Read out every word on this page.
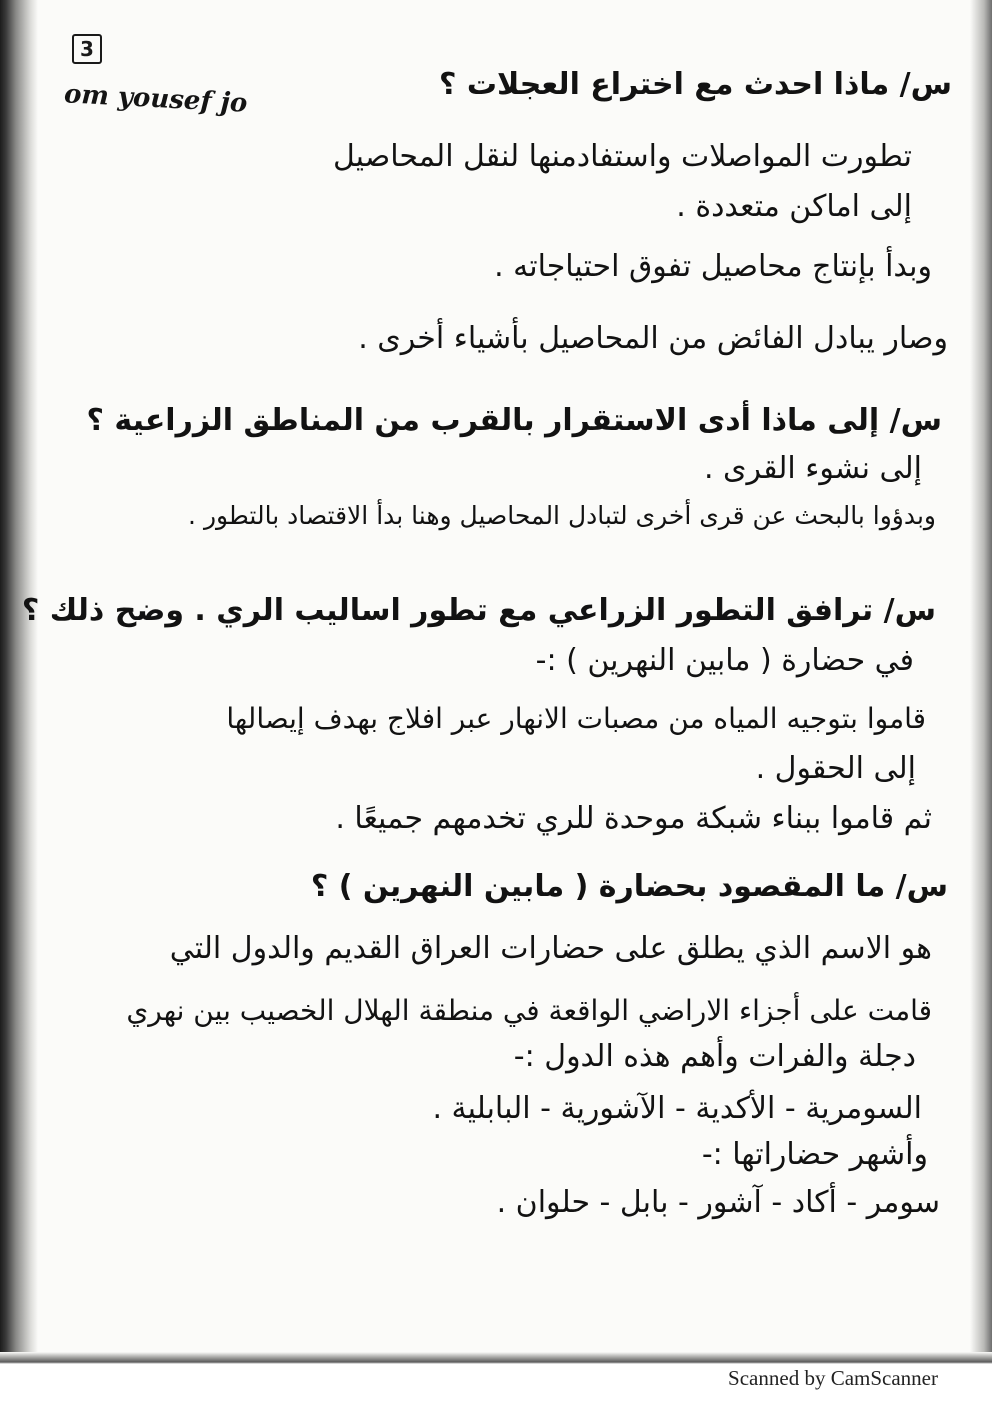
3
om yousef jo	س/ ماذا احدث مع اختراع العجلات ؟
تطورت المواصلات واستفادمنها لنقل المحاصيل
إلى اماكن متعددة .
وبدأ بإنتاج محاصيل تفوق احتياجاته .
وصار يبادل الفائض من المحاصيل بأشياء أخرى .
س/ إلى ماذا أدى الاستقرار بالقرب من المناطق الزراعية ؟
إلى نشوء القرى .
وبدؤوا بالبحث عن قرى أخرى لتبادل المحاصيل وهنا بدأ الاقتصاد بالتطور .
س/ ترافق التطور الزراعي مع تطور اساليب الري . وضح ذلك ؟
في حضارة ( مابين النهرين ) :-
قاموا بتوجيه المياه من مصبات الانهار عبر افلاج بهدف إيصالها
إلى الحقول .
ثم قاموا ببناء شبكة موحدة للري تخدمهم جميعًا .
س/ ما المقصود بحضارة ( مابين النهرين ) ؟
هو الاسم الذي يطلق على حضارات العراق القديم والدول التي
قامت على أجزاء الاراضي الواقعة في منطقة الهلال الخصيب بين نهري
دجلة والفرات وأهم هذه الدول :-
السومرية - الأكدية - الآشورية - البابلية .
وأشهر حضاراتها :-
سومر - أكاد - آشور - بابل - حلوان .
Scanned by CamScanner
